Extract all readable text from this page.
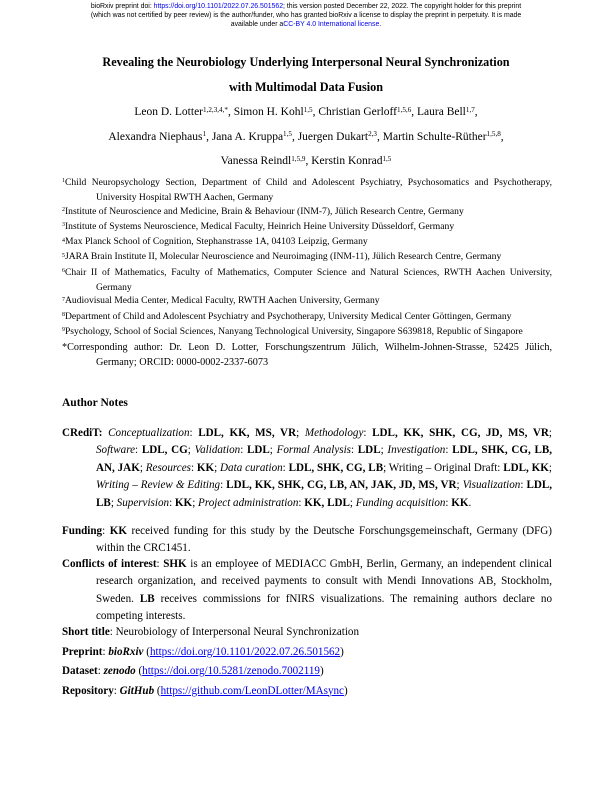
bioRxiv preprint doi: https://doi.org/10.1101/2022.07.26.501562; this version posted December 22, 2022. The copyright holder for this preprint
(which was not certified by peer review) is the author/funder, who has granted bioRxiv a license to display the preprint in perpetuity. It is made
available under aCC-BY 4.0 International license.
Revealing the Neurobiology Underlying Interpersonal Neural Synchronization
with Multimodal Data Fusion
Leon D. Lotter$^{1,2,3,4,*}$, Simon H. Kohl$^{1,5}$, Christian Gerloff$^{1,5,6}$, Laura Bell$^{1,7}$,
Alexandra Niephaus$^1$, Jana A. Kruppa$^{1,5}$, Juergen Dukart$^{2,3}$, Martin Schulte-Rüther$^{1,5,8}$,
Vanessa Reindl$^{1,5,9}$, Kerstin Konrad$^{1,5}$

$^1$Child Neuropsychology Section, Department of Child and Adolescent Psychiatry, Psychosomatics and Psychotherapy, University Hospital RWTH Aachen, Germany

$^2$Institute of Neuroscience and Medicine, Brain & Behaviour (INM-7), Jülich Research Centre, Germany

$^3$Institute of Systems Neuroscience, Medical Faculty, Heinrich Heine University Düsseldorf, Germany

$^4$Max Planck School of Cognition, Stephanstrasse 1A, 04103 Leipzig, Germany

$^5$JARA Brain Institute II, Molecular Neuroscience and Neuroimaging (INM-11), Jülich Research Centre, Germany

$^6$Chair II of Mathematics, Faculty of Mathematics, Computer Science and Natural Sciences, RWTH Aachen University, Germany

$^7$Audiovisual Media Center, Medical Faculty, RWTH Aachen University, Germany

$^8$Department of Child and Adolescent Psychiatry and Psychotherapy, University Medical Center Göttingen, Germany

$^9$Psychology, School of Social Sciences, Nanyang Technological University, Singapore S639818, Republic of Singapore

*Corresponding author: Dr. Leon D. Lotter, Forschungszentrum Jülich, Wilhelm-Johnen-Strasse, 52425 Jülich, Germany; ORCID: 0000-0002-2337-6073

Author Notes

CRediT: Conceptualization: LDL, KK, MS, VR; Methodology: LDL, KK, SHK, CG, JD, MS, VR; Software: LDL, CG; Validation: LDL; Formal Analysis: LDL; Investigation: LDL, SHK, CG, LB, AN, JAK; Resources: KK; Data curation: LDL, SHK, CG, LB; Writing – Original Draft: LDL, KK; Writing – Review & Editing: LDL, KK, SHK, CG, LB, AN, JAK, JD, MS, VR; Visualization: LDL, LB; Supervision: KK; Project administration: KK, LDL; Funding acquisition: KK.

Funding: KK received funding for this study by the Deutsche Forschungsgemeinschaft, Germany (DFG) within the CRC1451.

Conflicts of interest: SHK is an employee of MEDIACC GmbH, Berlin, Germany, an independent clinical research organization, and received payments to consult with Mendi Innovations AB, Stockholm, Sweden. LB receives commissions for fNIRS visualizations. The remaining authors declare no competing interests.

Short title: Neurobiology of Interpersonal Neural Synchronization

Preprint: bioRxiv (https://doi.org/10.1101/2022.07.26.501562)

Dataset: zenodo (https://doi.org/10.5281/zenodo.7002119)

Repository: GitHub (https://github.com/LeonDLotter/MAsync)
